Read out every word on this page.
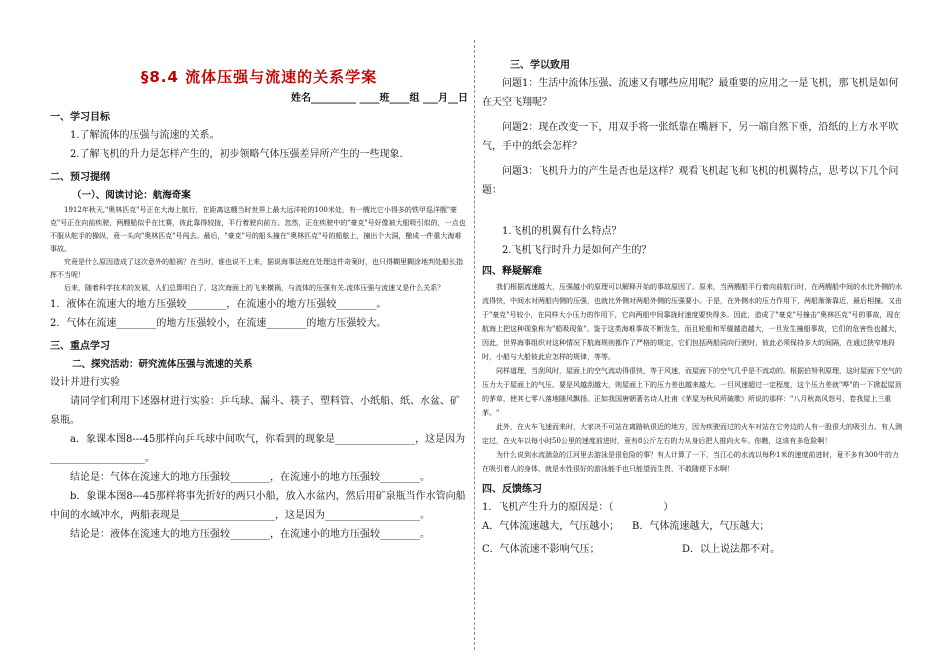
§8.4 流体压强与流速的关系学案
姓名_________ ____班____组 ___月__日
一、学习目标

1.了解流体的压强与流速的关系。

2.了解飞机的升力是怎样产生的，初步领略气体压强差异所产生的一些现象.

二、预习提纲
（一）、阅读讨论：航海奇案

1912年秋天,"奥林匹克"号正在大海上航行，在距离这艘当时世界上最大远洋轮的100米处，有一艘比它小得多的铁甲巡洋舰"豪克"号正在向前疾驶，两艘船似乎在比赛，彼此靠得较拢，平行着驶向前方。忽然，正在疾驶中的"豪克"号好像被大船吸引似的，一点也不服从舵手的操纵，竟一头向"奥林匹克"号闯去。最后，"豪克"号的船头撞在"奥林匹克"号的船舷上，撞出个大洞，酿成一件重大海难事故。

究竟是什么原因造成了这次意外的船祸？在当时，谁也说不上来，据说海事法庭在处理这件奇案时，也只得糊里糊涂地判处船长指挥不当呢！

后来，随着科学技术的发展，人们总算明白了，这次海面上的飞来横祸，与流体的压强有关.流体压强与流速又是什么关系？

1．液体在流速大的地方压强较________，在流速小的地方压强较________。

2．气体在流速________的地方压强较小，在流速________的地方压强较大。

三、重点学习
二、探究活动：研究流体压强与流速的关系

设计并进行实验

请同学们利用下述器材进行实验：乒乓球、漏斗、筷子、塑料管、小纸船、纸、水盆、矿泉瓶。

a．象课本图8---45那样向乒乓球中间吹气，你看到的现象是________________，这是因为___________________。

结论是：气体在流速大的地方压强较________，在流速小的地方压强较________。

b．象课本图8---45那样将事先折好的两只小船，放入水盆内，然后用矿泉瓶当作水管向船中间的水域冲水，两船表现是___________________，这是因为___________________。

结论是：液体在流速大的地方压强较________，在流速小的地方压强较________。

三、学以致用

问题1：生活中流体压强、流速又有哪些应用呢？最重要的应用之一是飞机，那飞机是如何在天空飞翔呢？

问题2：现在改变一下，用双手将一张纸靠在嘴唇下，另一端自然下垂，沿纸的上方水平吹气，手中的纸会怎样？

问题3：飞机升力的产生是否也是这样？观看飞机起飞和飞机的机翼特点，思考以下几个问题：

1.飞机的机翼有什么特点？

2.飞机飞行时升力是如何产生的？

四、释疑解难

我们根据流速越大，压强越小的原理可以解释开始的事故原因了。原来，当两艘船平行着向前航行时，在两艘船中间的水比外侧的水流得快，中间水对两船内侧的压强，也就比外侧对两船外侧的压强要小。于是，在外侧水的压力作用下，两船渐渐靠近，最后相撞。又由于"豪克"号较小，在同样大小压力的作用下，它向两船中间靠拢时速度要快得多。因此，造成了"豪克"号撞击"奥林匹克"号的事故，现在航海上把这种现象称为"船吸现象"。鉴于这类海难事故不断发生，而且轮船和军舰越造越大，一旦发生撞船事故，它们的危害性也越大，因此，世界海事组织对这种情况下航海规则都作了严格的规定，它们包括两船同向行驶时，彼此必须保持多大的间隔，在通过狭窄地段时，小船与大船彼此应怎样的规律，等等。

同样道理，当刮风时，屋面上的空气流动得很快，等于风速，而屋面下的空气几乎是不流动的。根据伯努利原理，这时屋面下空气的压力大于屋面上的气压。要是风越刮越大，则屋面上下的压力差也越来越大。一旦风速超过一定程度，这个压力差就"哗"的一下掀起屋顶的茅草，使其七零八落地随风飘扬。正如我国唐朝著名诗人杜甫《茅屋为秋风所破歌》所说的那样："八月秋高风怒号，卷我屋上三重茅。"

此外，在火车飞速而来时，大家决不可站在离路轨很近的地方，因为疾驶而过的火车对站在它旁边的人有一股很大的吸引力。有人测定过，在火车以每小时50公里的速度前进时，竟有8公斤左右的力从身后把人推向火车。你瞧，这该有多危险啊！

为什么说到水流湍急的江河里去游泳是很危险的事？有人计算了一下，当江心的水流以每秒1米的速度前进时，竟不多有300牛的力在吸引着人的身体，就是水性很好的游泳能手也只能望而生畏，不敢随便下水啊！

四、反馈练习

1．飞机产生升力的原因是：（　　　　　）

A．气体流速越大，气压越小；	B．气体流速越大，气压越大；
C．气体流速不影响气压；	D．以上说法都不对。
